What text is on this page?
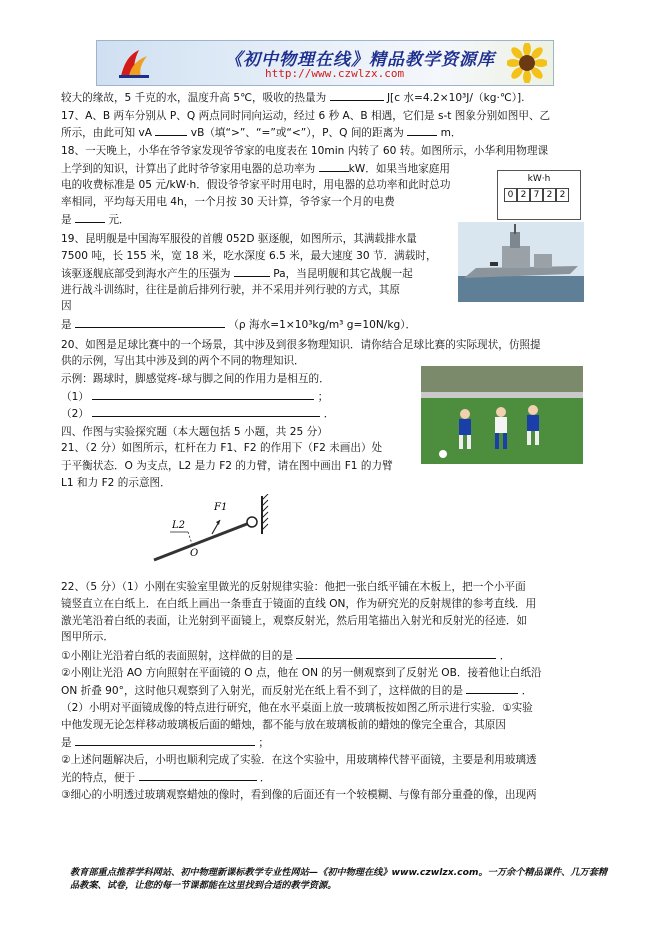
《初中物理在线》精品教学资源库
http://www.czwlzx.com
较大的缘故，5 千克的水，温度升高 5℃，吸收的热量为	J[c 水=4.2×10³J/（kg·℃）].
17、A、B 两车分别从 P、Q 两点同时同向运动，经过 6 秒 A、B 相遇，它们是 s-t 图象分别如图甲、乙
所示，由此可知 vA	vB（填“>”、“=”或“<”），P、Q 间的距离为	m．
18、一天晚上，小华在爷爷家发现爷爷家的电度表在 10min 内转了 60 转。如图所示，小华利用物理课
上学到的知识，计算出了此时爷爷家用电器的总功率为	kW．如果当地家庭用
电的收费标准是 05 元/kW·h．假设爷爷家平时用电时，用电器的总功率和此时总功
率相同，平均每天用电 4h，一个月按 30 天计算，爷爷家一个月的电费
是	元．
kW·h
0 2 7 2 2
19、昆明舰是中国海军服役的首艘 052D 驱逐舰，如图所示，其满载排水量
7500 吨，长 155 米，宽 18 米，吃水深度 6.5 米，最大速度 30 节．满载时，
该驱逐舰底部受到海水产生的压强为	Pa，当昆明舰和其它战舰一起
进行战斗训练时，往往是前后排列行驶，并不采用并列行驶的方式，其原
因
是	（ρ 海水=1×10³kg/m³ g=10N/kg）．
20、如图是足球比赛中的一个场景，其中涉及到很多物理知识．请你结合足球比赛的实际现状，仿照提
供的示例，写出其中涉及到的两个不同的物理知识．
示例：踢球时，脚感觉疼-球与脚之间的作用力是相互的．
（1）	；
（2）	．
四、作图与实验探究题（本大题包括 5 小题，共 25 分）
21、（2 分）如图所示，杠杆在力 F1、F2 的作用下（F2 未画出）处
于平衡状态．O 为支点，L2 是力 F2 的力臂，请在图中画出 F1 的力臂
L1 和力 F2 的示意图．
F1
L2
O
22、（5 分）（1）小刚在实验室里做光的反射规律实验：他把一张白纸平铺在木板上，把一个小平面
镜竖直立在白纸上．在白纸上画出一条垂直于镜面的直线 ON，作为研究光的反射规律的参考直线．用
激光笔沿着白纸的表面，让光射到平面镜上，观察反射光，然后用笔描出入射光和反射光的径迹．如
图甲所示．
①小刚让光沿着白纸的表面照射，这样做的目的是	．
②小刚让光沿 AO 方向照射在平面镜的 O 点，他在 ON 的另一侧观察到了反射光 OB．接着他让白纸沿
ON 折叠 90°，这时他只观察到了入射光，而反射光在纸上看不到了，这样做的目的是	．
（2）小明对平面镜成像的特点进行研究，他在水平桌面上放一玻璃板按如图乙所示进行实验．①实验
中他发现无论怎样移动玻璃板后面的蜡烛，都不能与放在玻璃板前的蜡烛的像完全重合，其原因
是	；
②上述问题解决后，小明也顺利完成了实验．在这个实验中，用玻璃棒代替平面镜，主要是利用玻璃透
光的特点，便于	．
③细心的小明透过玻璃观察蜡烛的像时，看到像的后面还有一个较模糊、与像有部分重叠的像，出现两
教育部重点推荐学科网站、初中物理新课标教学专业性网站—《初中物理在线》www.czwlzx.com。一万余个精品课件、几万套精品教案、试卷，让您的每一节课都能在这里找到合适的教学资源。
